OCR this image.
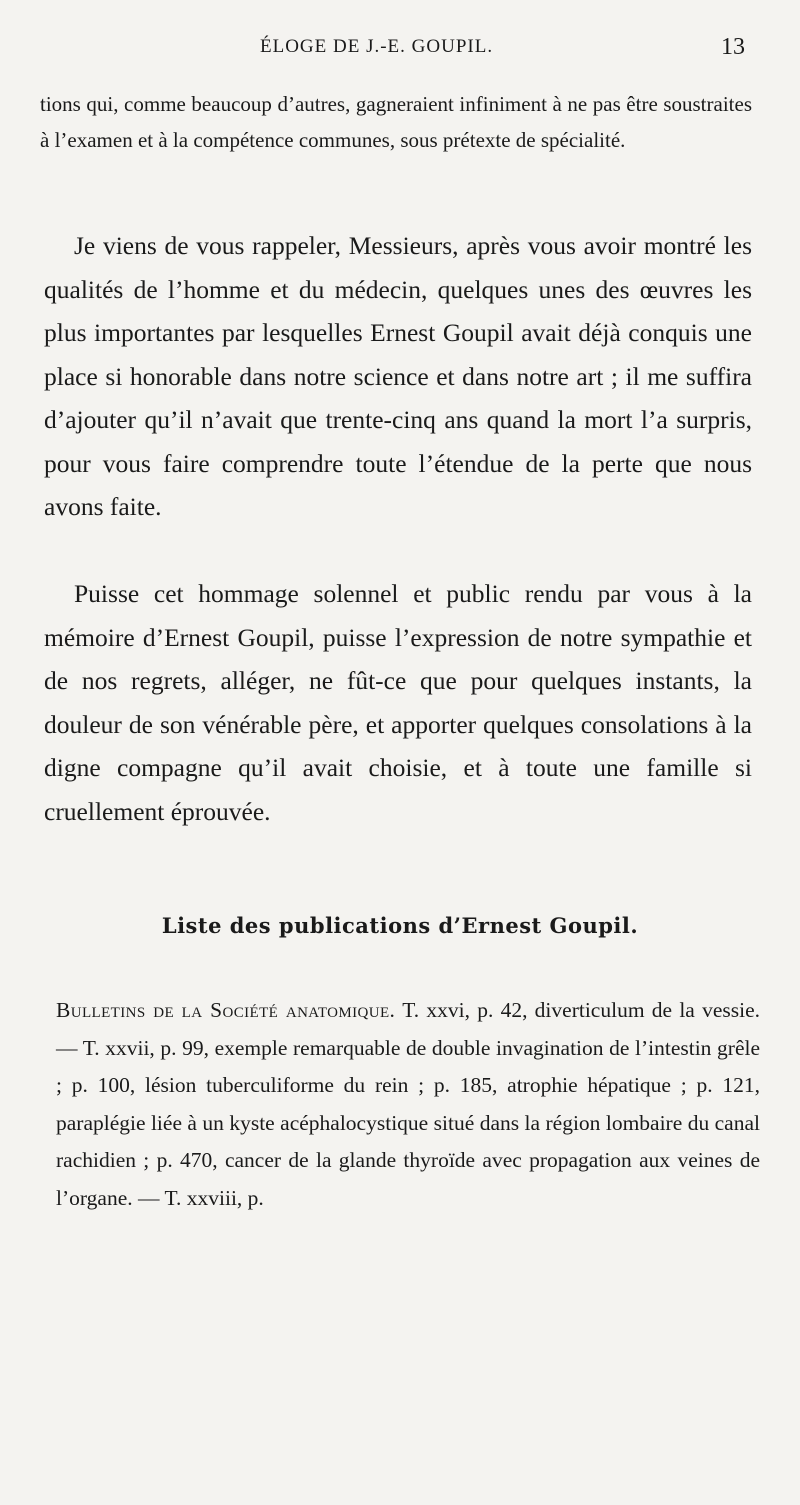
ÉLOGE DE J.-E. GOUPIL.	13

tions qui, comme beaucoup d’autres, gagneraient infiniment à ne pas être soustraites à l’examen et à la compétence communes, sous prétexte de spécialité.

Je viens de vous rappeler, Messieurs, après vous avoir montré les qualités de l’homme et du médecin, quelques unes des œuvres les plus importantes par lesquelles Ernest Goupil avait déjà conquis une place si honorable dans notre science et dans notre art ; il me suffira d’ajouter qu’il n’avait que trente-cinq ans quand la mort l’a surpris, pour vous faire comprendre toute l’étendue de la perte que nous avons faite.

Puisse cet hommage solennel et public rendu par vous à la mémoire d’Ernest Goupil, puisse l’expression de notre sympathie et de nos regrets, alléger, ne fût-ce que pour quelques instants, la douleur de son vénérable père, et apporter quelques consolations à la digne compagne qu’il avait choisie, et à toute une famille si cruellement éprouvée.

Liste des publications d’Ernest Goupil.

Bulletins de la Société anatomique. T. xxvi, p. 42, diverticulum de la vessie. — T. xxvii, p. 99, exemple remarquable de double invagination de l’intestin grêle ; p. 100, lésion tuberculiforme du rein ; p. 185, atrophie hépatique ; p. 121, paraplégie liée à un kyste acéphalocystique situé dans la région lombaire du canal rachidien ; p. 470, cancer de la glande thyroïde avec propagation aux veines de l’organe. — T. xxviii, p.
